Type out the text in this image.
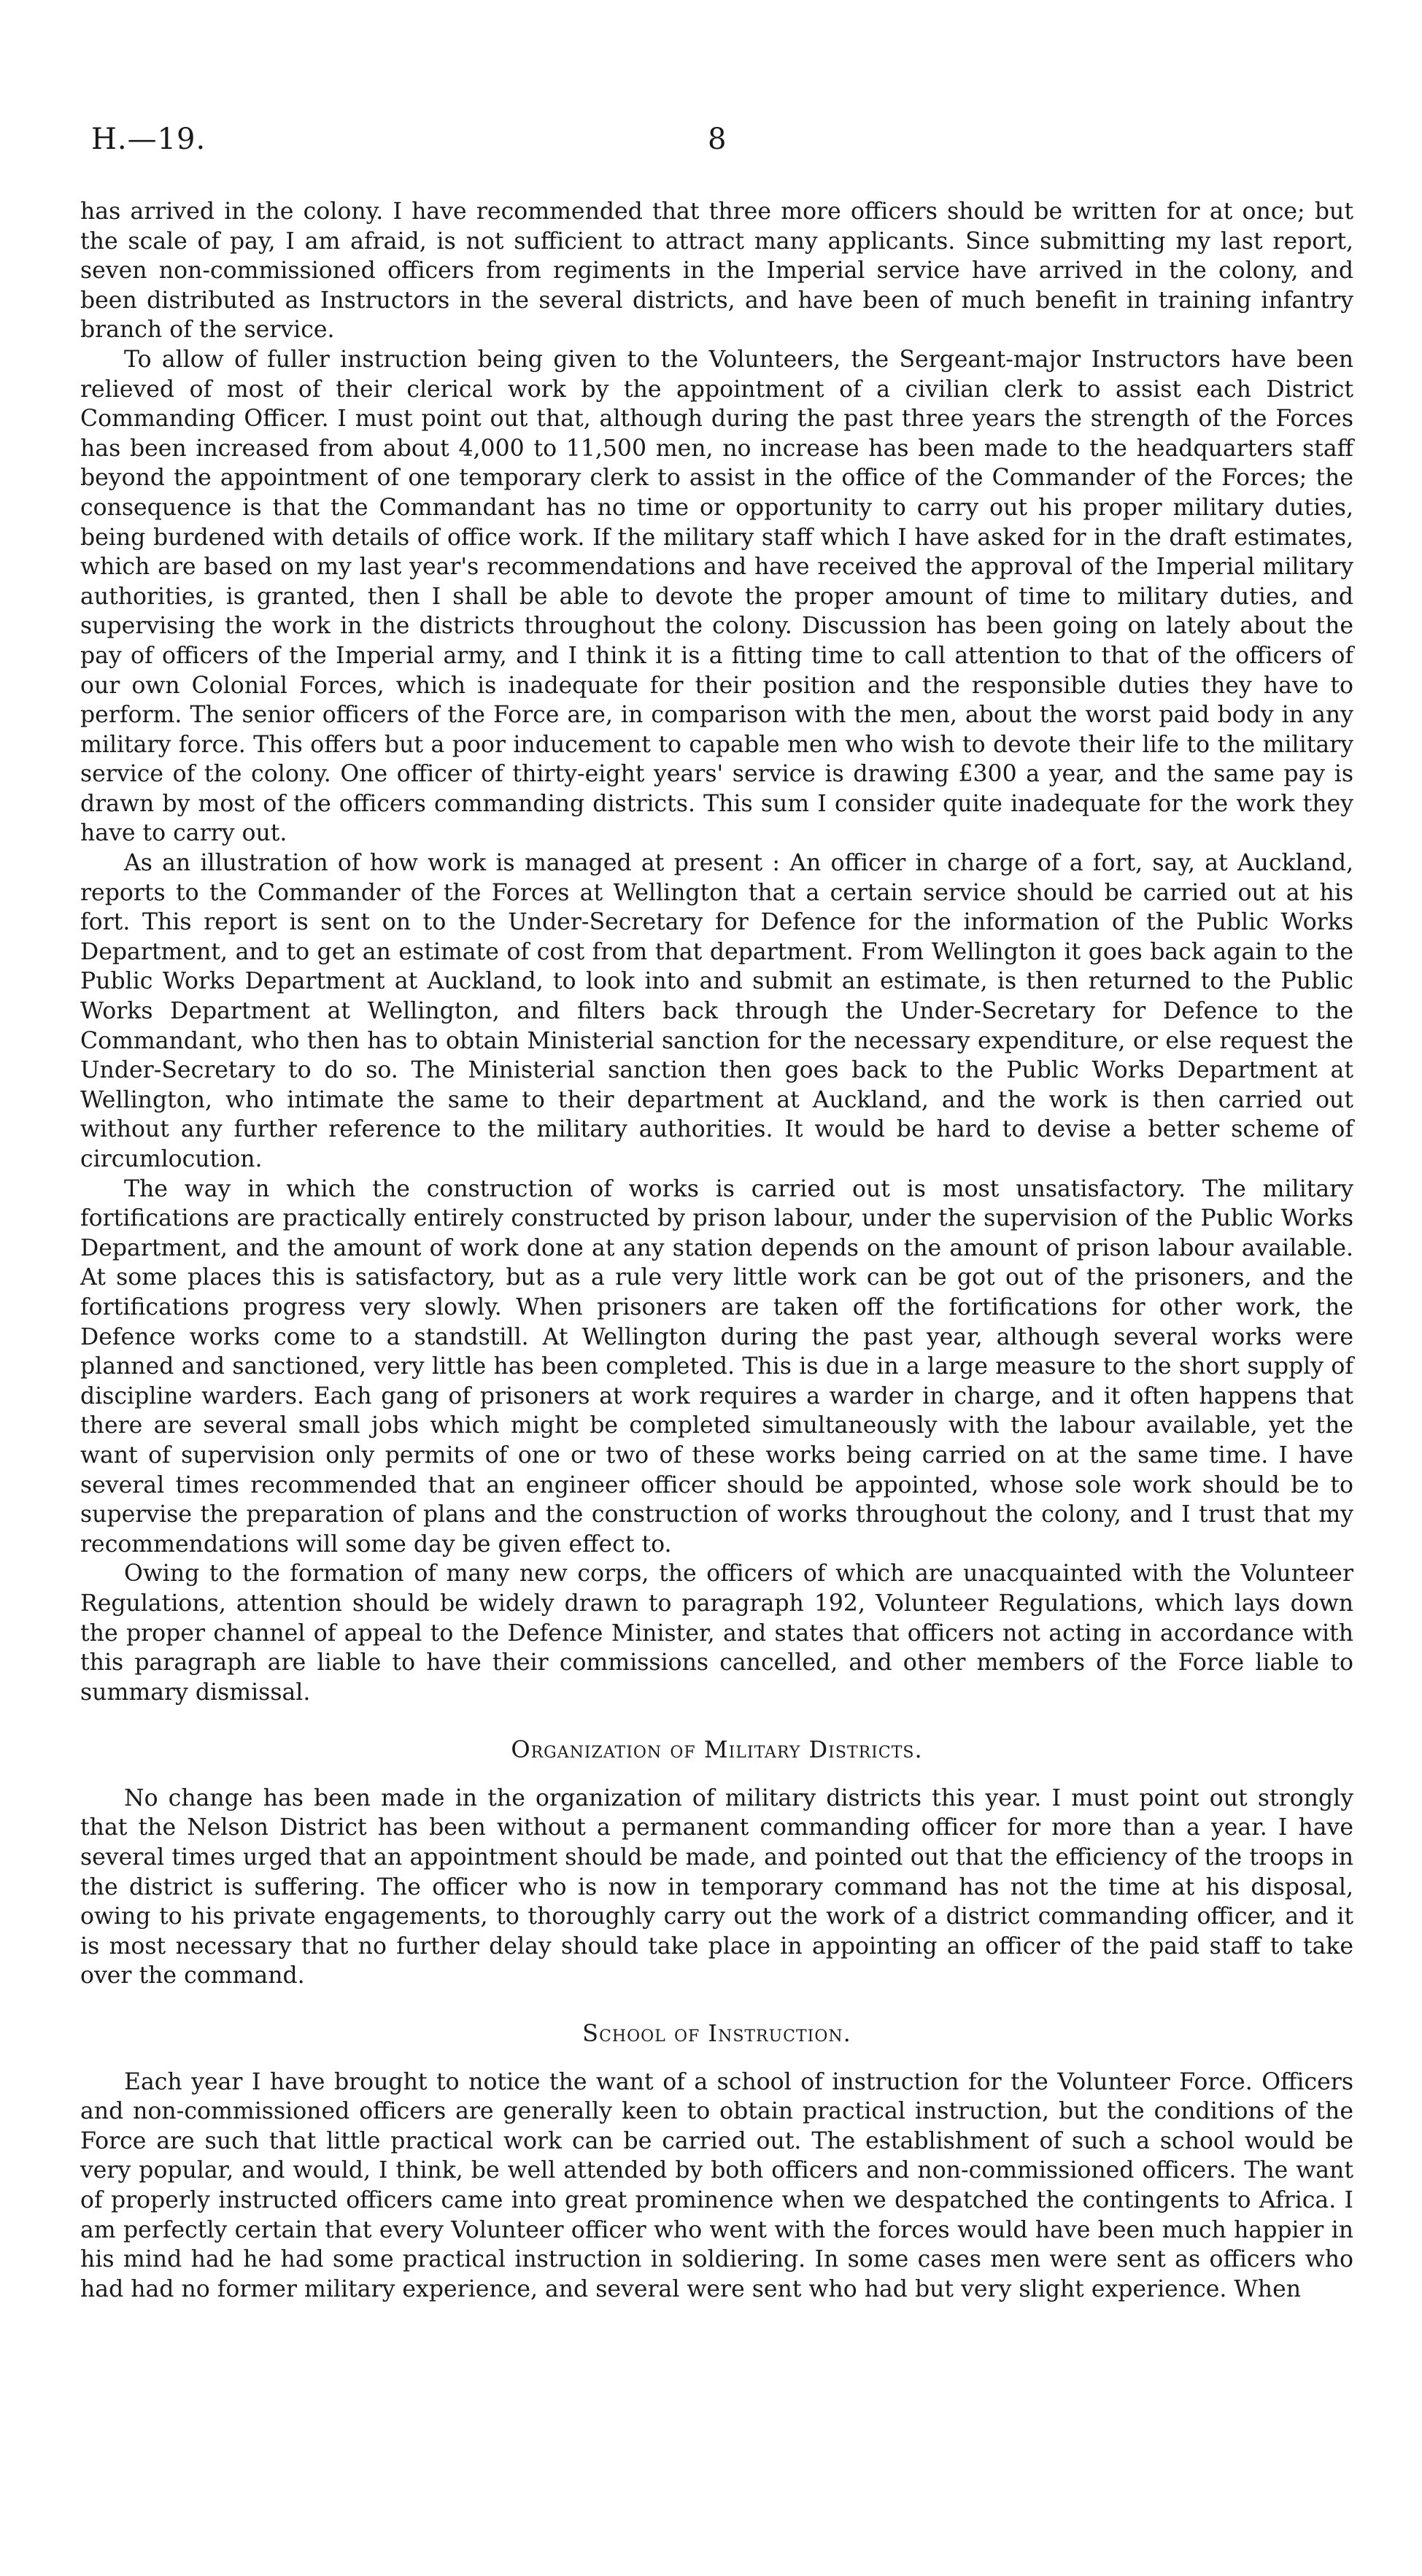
H.—19.	8

has arrived in the colony. I have recommended that three more officers should be written for at once; but the scale of pay, I am afraid, is not sufficient to attract many applicants. Since submitting my last report, seven non-commissioned officers from regiments in the Imperial service have arrived in the colony, and been distributed as Instructors in the several districts, and have been of much benefit in training infantry branch of the service.

To allow of fuller instruction being given to the Volunteers, the Sergeant-major Instructors have been relieved of most of their clerical work by the appointment of a civilian clerk to assist each District Commanding Officer. I must point out that, although during the past three years the strength of the Forces has been increased from about 4,000 to 11,500 men, no increase has been made to the headquarters staff beyond the appointment of one temporary clerk to assist in the office of the Commander of the Forces; the consequence is that the Commandant has no time or opportunity to carry out his proper military duties, being burdened with details of office work. If the military staff which I have asked for in the draft estimates, which are based on my last year's recommendations and have received the approval of the Imperial military authorities, is granted, then I shall be able to devote the proper amount of time to military duties, and supervising the work in the districts throughout the colony. Discussion has been going on lately about the pay of officers of the Imperial army, and I think it is a fitting time to call attention to that of the officers of our own Colonial Forces, which is inadequate for their position and the responsible duties they have to perform. The senior officers of the Force are, in comparison with the men, about the worst paid body in any military force. This offers but a poor inducement to capable men who wish to devote their life to the military service of the colony. One officer of thirty-eight years' service is drawing £300 a year, and the same pay is drawn by most of the officers commanding districts. This sum I consider quite inadequate for the work they have to carry out.

As an illustration of how work is managed at present : An officer in charge of a fort, say, at Auckland, reports to the Commander of the Forces at Wellington that a certain service should be carried out at his fort. This report is sent on to the Under-Secretary for Defence for the information of the Public Works Department, and to get an estimate of cost from that department. From Wellington it goes back again to the Public Works Department at Auckland, to look into and submit an estimate, is then returned to the Public Works Department at Wellington, and filters back through the Under-Secretary for Defence to the Commandant, who then has to obtain Ministerial sanction for the necessary expenditure, or else request the Under-Secretary to do so. The Ministerial sanction then goes back to the Public Works Department at Wellington, who intimate the same to their department at Auckland, and the work is then carried out without any further reference to the military authorities. It would be hard to devise a better scheme of circumlocution.

The way in which the construction of works is carried out is most unsatisfactory. The military fortifications are practically entirely constructed by prison labour, under the supervision of the Public Works Department, and the amount of work done at any station depends on the amount of prison labour available. At some places this is satisfactory, but as a rule very little work can be got out of the prisoners, and the fortifications progress very slowly. When prisoners are taken off the fortifications for other work, the Defence works come to a standstill. At Wellington during the past year, although several works were planned and sanctioned, very little has been completed. This is due in a large measure to the short supply of discipline warders. Each gang of prisoners at work requires a warder in charge, and it often happens that there are several small jobs which might be completed simultaneously with the labour available, yet the want of supervision only permits of one or two of these works being carried on at the same time. I have several times recommended that an engineer officer should be appointed, whose sole work should be to supervise the preparation of plans and the construction of works throughout the colony, and I trust that my recommendations will some day be given effect to.

Owing to the formation of many new corps, the officers of which are unacquainted with the Volunteer Regulations, attention should be widely drawn to paragraph 192, Volunteer Regulations, which lays down the proper channel of appeal to the Defence Minister, and states that officers not acting in accordance with this paragraph are liable to have their commissions cancelled, and other members of the Force liable to summary dismissal.

Organization of Military Districts.

No change has been made in the organization of military districts this year. I must point out strongly that the Nelson District has been without a permanent commanding officer for more than a year. I have several times urged that an appointment should be made, and pointed out that the efficiency of the troops in the district is suffering. The officer who is now in temporary command has not the time at his disposal, owing to his private engagements, to thoroughly carry out the work of a district commanding officer, and it is most necessary that no further delay should take place in appointing an officer of the paid staff to take over the command.

School of Instruction.

Each year I have brought to notice the want of a school of instruction for the Volunteer Force. Officers and non-commissioned officers are generally keen to obtain practical instruction, but the conditions of the Force are such that little practical work can be carried out. The establishment of such a school would be very popular, and would, I think, be well attended by both officers and non-commissioned officers. The want of properly instructed officers came into great prominence when we despatched the contingents to Africa. I am perfectly certain that every Volunteer officer who went with the forces would have been much happier in his mind had he had some practical instruction in soldiering. In some cases men were sent as officers who had had no former military experience, and several were sent who had but very slight experience. When
